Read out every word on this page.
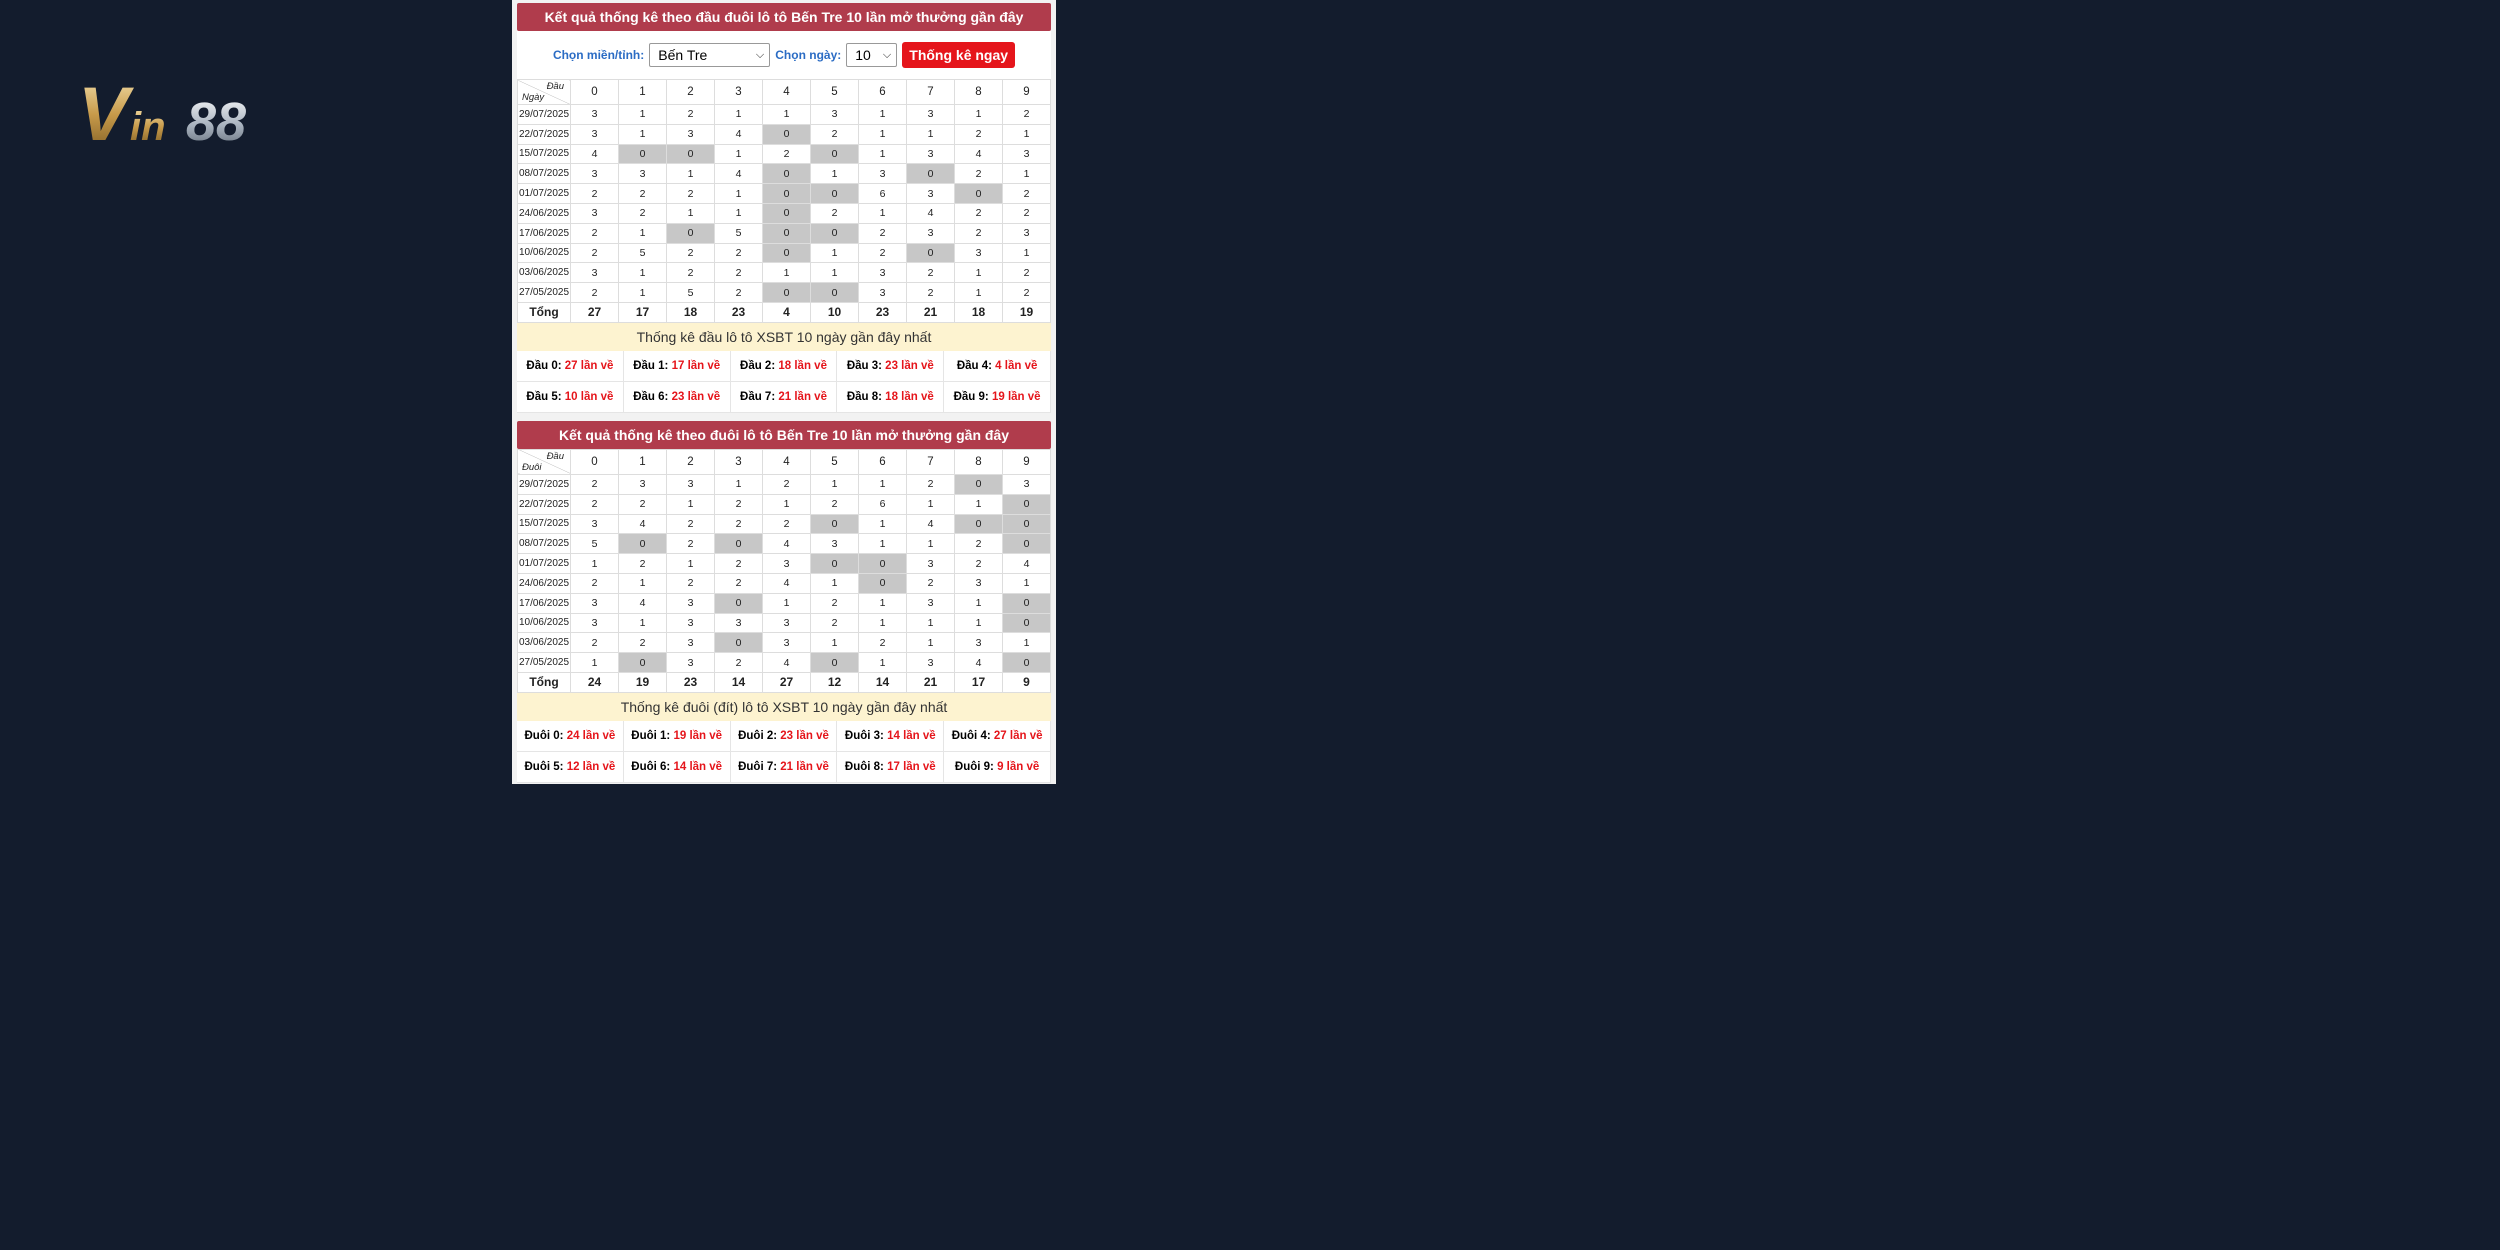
V in 88
Kết quả thống kê theo đầu đuôi lô tô Bến Tre 10 lần mở thưởng gần đây
Chọn miền/tỉnh: Bến Tre	⌵ Chọn ngày: 10 ⌵	Thống kê ngay
Đầu
Ngày	0	1	2	3	4	5	6	7	8	9
29/07/2025	3	1	2	1	1	3	1	3	1	2
22/07/2025	3	1	3	4	0	2	1	1	2	1
15/07/2025	4	0	0	1	2	0	1	3	4	3
08/07/2025	3	3	1	4	0	1	3	0	2	1
01/07/2025	2	2	2	1	0	0	6	3	0	2
24/06/2025	3	2	1	1	0	2	1	4	2	2
17/06/2025	2	1	0	5	0	0	2	3	2	3
10/06/2025	2	5	2	2	0	1	2	0	3	1
03/06/2025	3	1	2	2	1	1	3	2	1	2
27/05/2025	2	1	5	2	0	0	3	2	1	2
Tổng	27	17	18	23	4	10	23	21	18	19
Thống kê đầu lô tô XSBT 10 ngày gần đây nhất
Đầu 0: 27 lần về	Đầu 1: 17 lần về	Đầu 2: 18 lần về	Đầu 3: 23 lần về	Đầu 4: 4 lần về
Đầu 5: 10 lần về	Đầu 6: 23 lần về	Đầu 7: 21 lần về	Đầu 8: 18 lần về	Đầu 9: 19 lần về
Kết quả thống kê theo đuôi lô tô Bến Tre 10 lần mở thưởng gần đây
Đầu
Đuôi	0	1	2	3	4	5	6	7	8	9
29/07/2025	2	3	3	1	2	1	1	2	0	3
22/07/2025	2	2	1	2	1	2	6	1	1	0
15/07/2025	3	4	2	2	2	0	1	4	0	0
08/07/2025	5	0	2	0	4	3	1	1	2	0
01/07/2025	1	2	1	2	3	0	0	3	2	4
24/06/2025	2	1	2	2	4	1	0	2	3	1
17/06/2025	3	4	3	0	1	2	1	3	1	0
10/06/2025	3	1	3	3	3	2	1	1	1	0
03/06/2025	2	2	3	0	3	1	2	1	3	1
27/05/2025	1	0	3	2	4	0	1	3	4	0
Tổng	24	19	23	14	27	12	14	21	17	9
Thống kê đuôi (đít) lô tô XSBT 10 ngày gần đây nhất
Đuôi 0: 24 lần về	Đuôi 1: 19 lần về	Đuôi 2: 23 lần về	Đuôi 3: 14 lần về	Đuôi 4: 27 lần về
Đuôi 5: 12 lần về	Đuôi 6: 14 lần về	Đuôi 7: 21 lần về	Đuôi 8: 17 lần về	Đuôi 9: 9 lần về
